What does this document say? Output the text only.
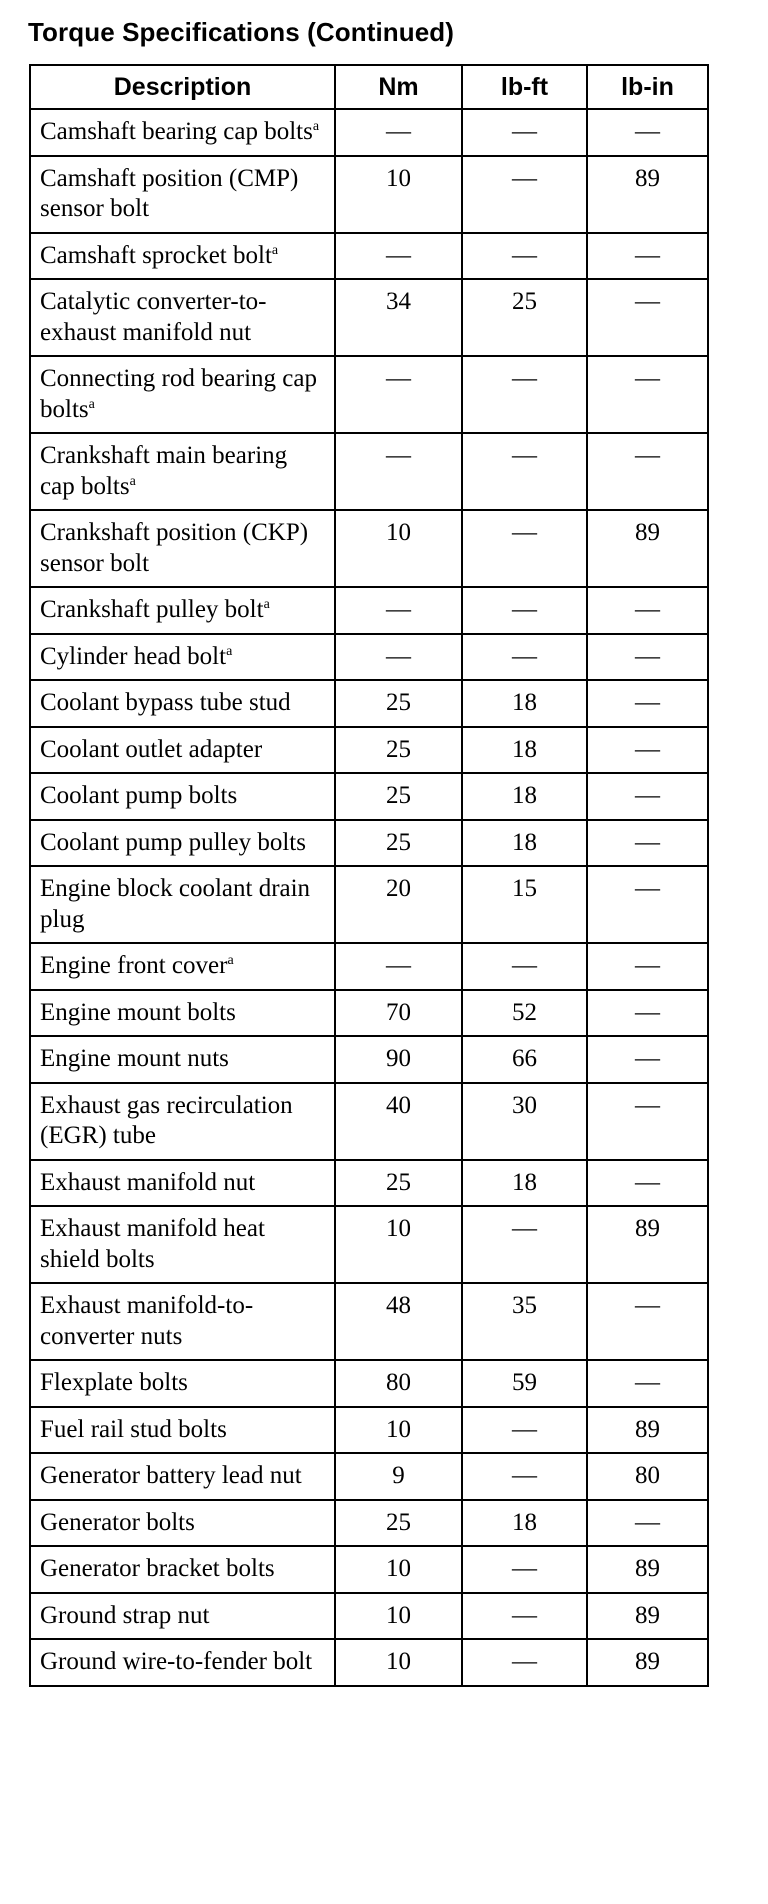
Torque Specifications (Continued)
Description	Nm	lb-ft	lb-in
Camshaft bearing cap bolts$^a$	—	—	—
Camshaft position (CMP) sensor bolt	10	—	89
Camshaft sprocket bolt$^a$	—	—	—
Catalytic converter-to-exhaust manifold nut	34	25	—
Connecting rod bearing cap bolts$^a$	—	—	—
Crankshaft main bearing cap bolts$^a$	—	—	—
Crankshaft position (CKP) sensor bolt	10	—	89
Crankshaft pulley bolt$^a$	—	—	—
Cylinder head bolt$^a$	—	—	—
Coolant bypass tube stud	25	18	—
Coolant outlet adapter	25	18	—
Coolant pump bolts	25	18	—
Coolant pump pulley bolts	25	18	—
Engine block coolant drain plug	20	15	—
Engine front cover$^a$	—	—	—
Engine mount bolts	70	52	—
Engine mount nuts	90	66	—
Exhaust gas recirculation (EGR) tube	40	30	—
Exhaust manifold nut	25	18	—
Exhaust manifold heat shield bolts	10	—	89
Exhaust manifold-to-converter nuts	48	35	—
Flexplate bolts	80	59	—
Fuel rail stud bolts	10	—	89
Generator battery lead nut	9	—	80
Generator bolts	25	18	—
Generator bracket bolts	10	—	89
Ground strap nut	10	—	89
Ground wire-to-fender bolt	10	—	89
